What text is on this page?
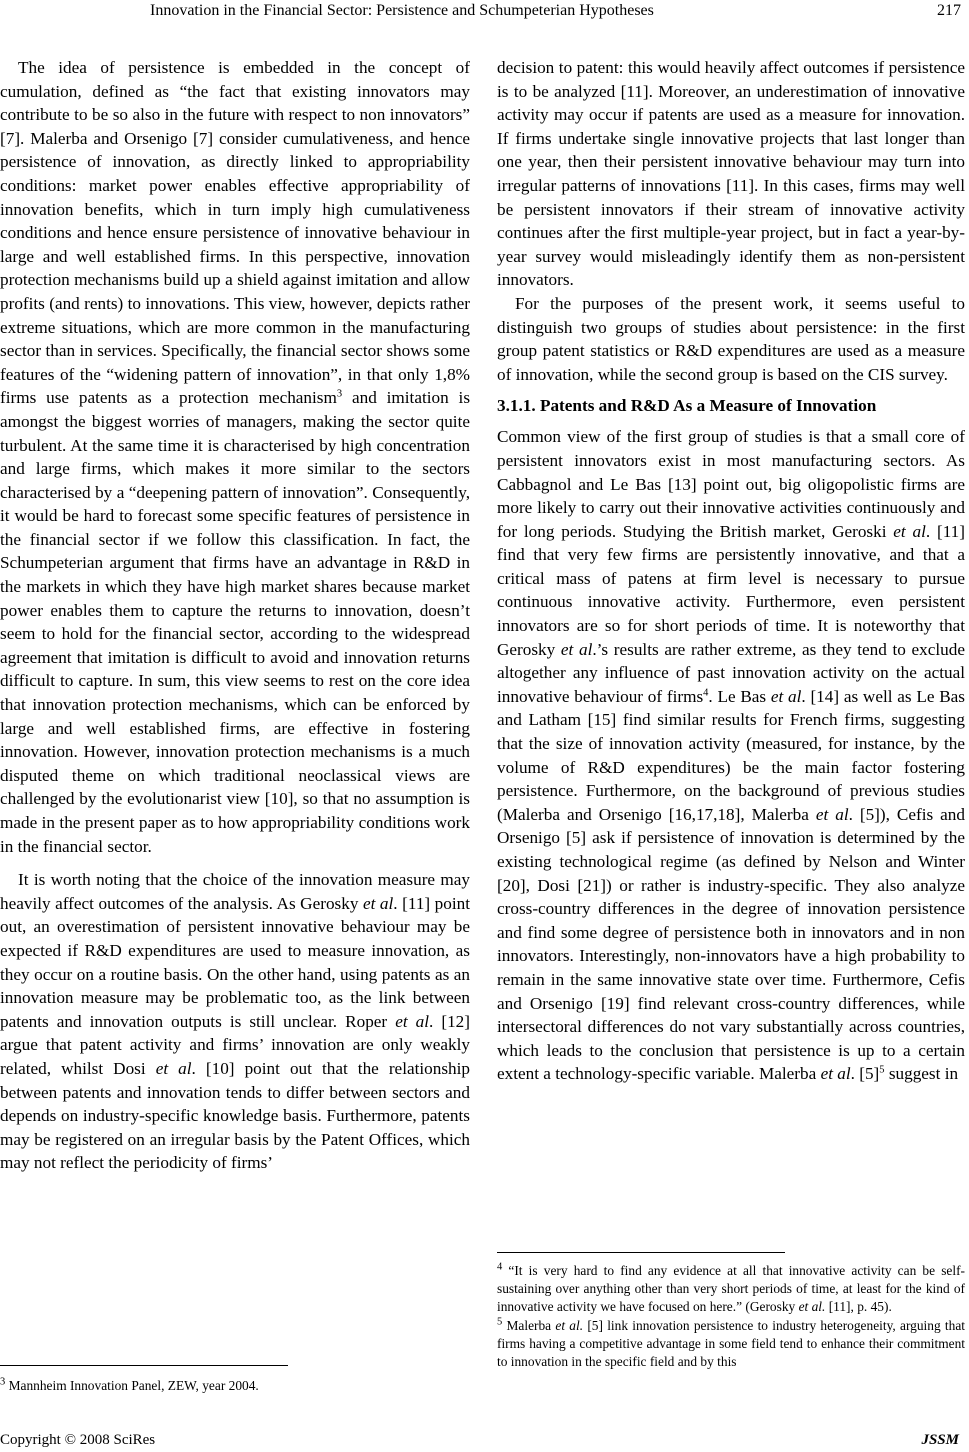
Innovation in the Financial Sector: Persistence and Schumpeterian Hypotheses	217

The idea of persistence is embedded in the concept of cumulation, defined as “the fact that existing innovators may contribute to be so also in the future with respect to non innovators” [7]. Malerba and Orsenigo [7] consider cumulativeness, and hence persistence of innovation, as directly linked to appropriability conditions: market power enables effective appropriability of innovation benefits, which in turn imply high cumulativeness conditions and hence ensure persistence of innovative behaviour in large and well established firms. In this perspective, innovation protection mechanisms build up a shield against imitation and allow profits (and rents) to innovations. This view, however, depicts rather extreme situations, which are more common in the manufacturing sector than in services. Specifically, the financial sector shows some features of the “widening pattern of innovation”, in that only 1,8% firms use patents as a protection mechanism$^3$ and imitation is amongst the biggest worries of managers, making the sector quite turbulent. At the same time it is characterised by high concentration and large firms, which makes it more similar to the sectors characterised by a “deepening pattern of innovation”. Consequently, it would be hard to forecast some specific features of persistence in the financial sector if we follow this classification. In fact, the Schumpeterian argument that firms have an advantage in R&D in the markets in which they have high market shares because market power enables them to capture the returns to innovation, doesn’t seem to hold for the financial sector, according to the widespread agreement that imitation is difficult to avoid and innovation returns difficult to capture. In sum, this view seems to rest on the core idea that innovation protection mechanisms, which can be enforced by large and well established firms, are effective in fostering innovation. However, innovation protection mechanisms is a much disputed theme on which traditional neoclassical views are challenged by the evolutionarist view [10], so that no assumption is made in the present paper as to how appropriability conditions work in the financial sector.

It is worth noting that the choice of the innovation measure may heavily affect outcomes of the analysis. As Gerosky et al. [11] point out, an overestimation of persistent innovative behaviour may be expected if R&D expenditures are used to measure innovation, as they occur on a routine basis. On the other hand, using patents as an innovation measure may be problematic too, as the link between patents and innovation outputs is still unclear. Roper et al. [12] argue that patent activity and firms’ innovation are only weakly related, whilst Dosi et al. [10] point out that the relationship between patents and innovation tends to differ between sectors and depends on industry-specific knowledge basis. Furthermore, patents may be registered on an irregular basis by the Patent Offices, which may not reflect the periodicity of firms’

decision to patent: this would heavily affect outcomes if persistence is to be analyzed [11]. Moreover, an underestimation of innovative activity may occur if patents are used as a measure for innovation. If firms undertake single innovative projects that last longer than one year, then their persistent innovative behaviour may turn into irregular patterns of innovations [11]. In this cases, firms may well be persistent innovators if their stream of innovative activity continues after the first multiple-year project, but in fact a year-by-year survey would misleadingly identify them as non-persistent innovators.

For the purposes of the present work, it seems useful to distinguish two groups of studies about persistence: in the first group patent statistics or R&D expenditures are used as a measure of innovation, while the second group is based on the CIS survey.

3.1.1. Patents and R&D As a Measure of Innovation

Common view of the first group of studies is that a small core of persistent innovators exist in most manufacturing sectors. As Cabbagnol and Le Bas [13] point out, big oligopolistic firms are more likely to carry out their innovative activities continuously and for long periods. Studying the British market, Geroski et al. [11] find that very few firms are persistently innovative, and that a critical mass of patens at firm level is necessary to pursue continuous innovative activity. Furthermore, even persistent innovators are so for short periods of time. It is noteworthy that Gerosky et al.’s results are rather extreme, as they tend to exclude altogether any influence of past innovation activity on the actual innovative behaviour of firms$^4$. Le Bas et al. [14] as well as Le Bas and Latham [15] find similar results for French firms, suggesting that the size of innovation activity (measured, for instance, by the volume of R&D expenditures) be the main factor fostering persistence. Furthermore, on the background of previous studies (Malerba and Orsenigo [16,17,18], Malerba et al. [5]), Cefis and Orsenigo [5] ask if persistence of innovation is determined by the existing technological regime (as defined by Nelson and Winter [20], Dosi [21]) or rather is industry-specific. They also analyze cross-country differences in the degree of innovation persistence and find some degree of persistence both in innovators and in non innovators. Interestingly, non-innovators have a high probability to remain in the same innovative state over time. Furthermore, Cefis and Orsenigo [19] find relevant cross-country differences, while intersectoral differences do not vary substantially across countries, which leads to the conclusion that persistence is up to a certain extent a technology-specific variable. Malerba et al. $[5]^5$ suggest in

$^4$ “It is very hard to find any evidence at all that innovative activity can be self-sustaining over anything other than very short periods of time, at least for the kind of innovative activity we have focused on here.” (Gerosky et al. [11], p. 45).

$^5$ Malerba et al. [5] link innovation persistence to industry heterogeneity, arguing that firms having a competitive advantage in some field tend to enhance their commitment to innovation in the specific field and by this

$^3$ Mannheim Innovation Panel, ZEW, year 2004.
Copyright © 2008 SciRes	JSSM
